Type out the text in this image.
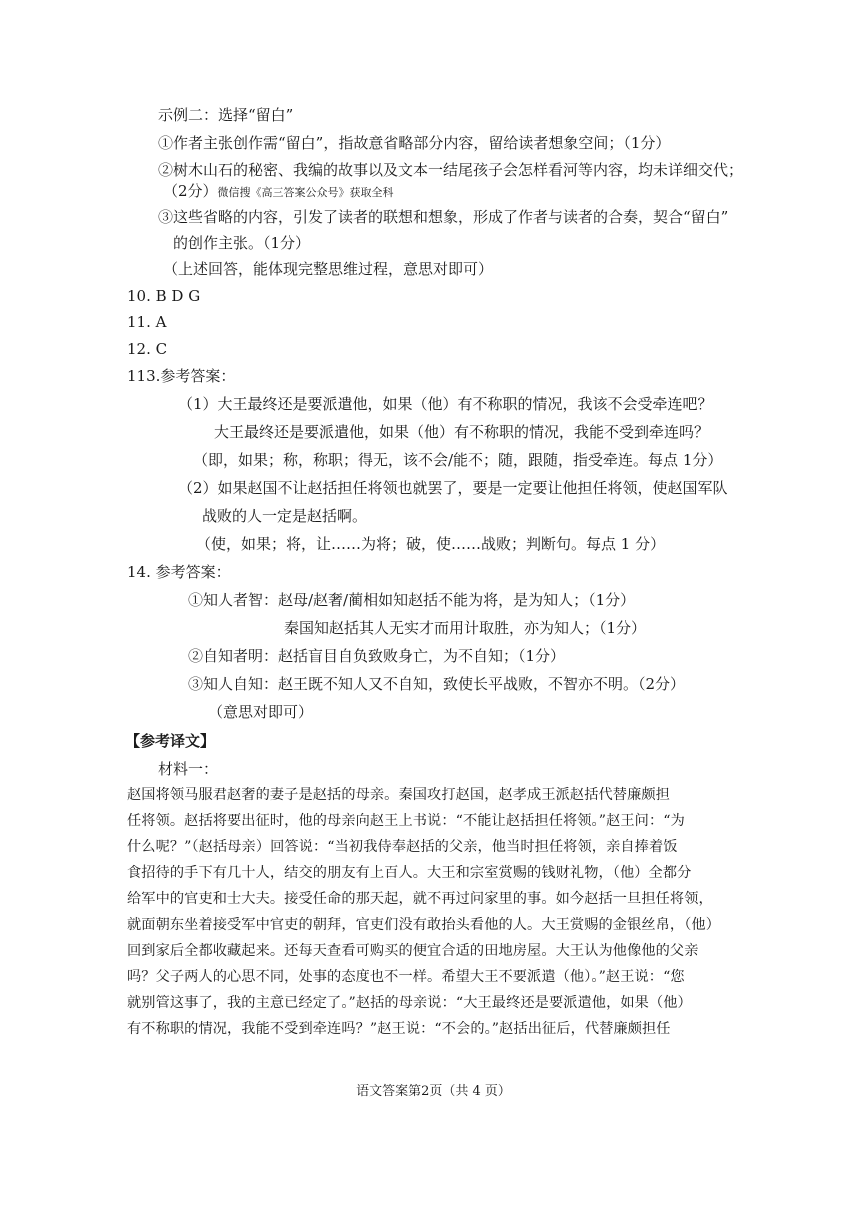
示例二：选择“留白”
①作者主张创作需“留白”，指故意省略部分内容，留给读者想象空间；（1分）
②树木山石的秘密、我编的故事以及文本一结尾孩子会怎样看河等内容，均未详细交代；
（2分）微信搜《高三答案公众号》获取全科
③这些省略的内容，引发了读者的联想和想象，形成了作者与读者的合奏，契合“留白”
的创作主张。（1分）
（上述回答，能体现完整思维过程，意思对即可）
10. B D G
11. A
12. C
113.参考答案：
（1）大王最终还是要派遣他，如果（他）有不称职的情况，我该不会受牵连吧？
大王最终还是要派遣他，如果（他）有不称职的情况，我能不受到牵连吗？
（即，如果；称，称职；得无，该不会/能不；随，跟随，指受牵连。每点 1分）
（2）如果赵国不让赵括担任将领也就罢了，要是一定要让他担任将领，使赵国军队
战败的人一定是赵括啊。
（使，如果；将，让……为将；破，使……战败；判断句。每点 1 分）
14. 参考答案：
①知人者智：赵母/赵奢/蔺相如知赵括不能为将，是为知人；（1分）
秦国知赵括其人无实才而用计取胜，亦为知人；（1分）
②自知者明：赵括盲目自负致败身亡，为不自知；（1分）
③知人自知：赵王既不知人又不自知，致使长平战败，不智亦不明。（2分）
（意思对即可）
【参考译文】
材料一：
赵国将领马服君赵奢的妻子是赵括的母亲。秦国攻打赵国，赵孝成王派赵括代替廉颇担
任将领。赵括将要出征时，他的母亲向赵王上书说：“不能让赵括担任将领。”赵王问：“为
什么呢？”（赵括母亲）回答说：“当初我侍奉赵括的父亲，他当时担任将领，亲自捧着饭
食招待的手下有几十人，结交的朋友有上百人。大王和宗室赏赐的钱财礼物，（他）全都分
给军中的官吏和士大夫。接受任命的那天起，就不再过问家里的事。如今赵括一旦担任将领，
就面朝东坐着接受军中官吏的朝拜，官吏们没有敢抬头看他的人。大王赏赐的金银丝帛，（他）
回到家后全都收藏起来。还每天查看可购买的便宜合适的田地房屋。大王认为他像他的父亲
吗？父子两人的心思不同，处事的态度也不一样。希望大王不要派遣（他）。”赵王说：“您
就别管这事了，我的主意已经定了。”赵括的母亲说：“大王最终还是要派遣他，如果（他）
有不称职的情况，我能不受到牵连吗？”赵王说：“不会的。”赵括出征后，代替廉颇担任
语文答案第2页（共 4 页）
